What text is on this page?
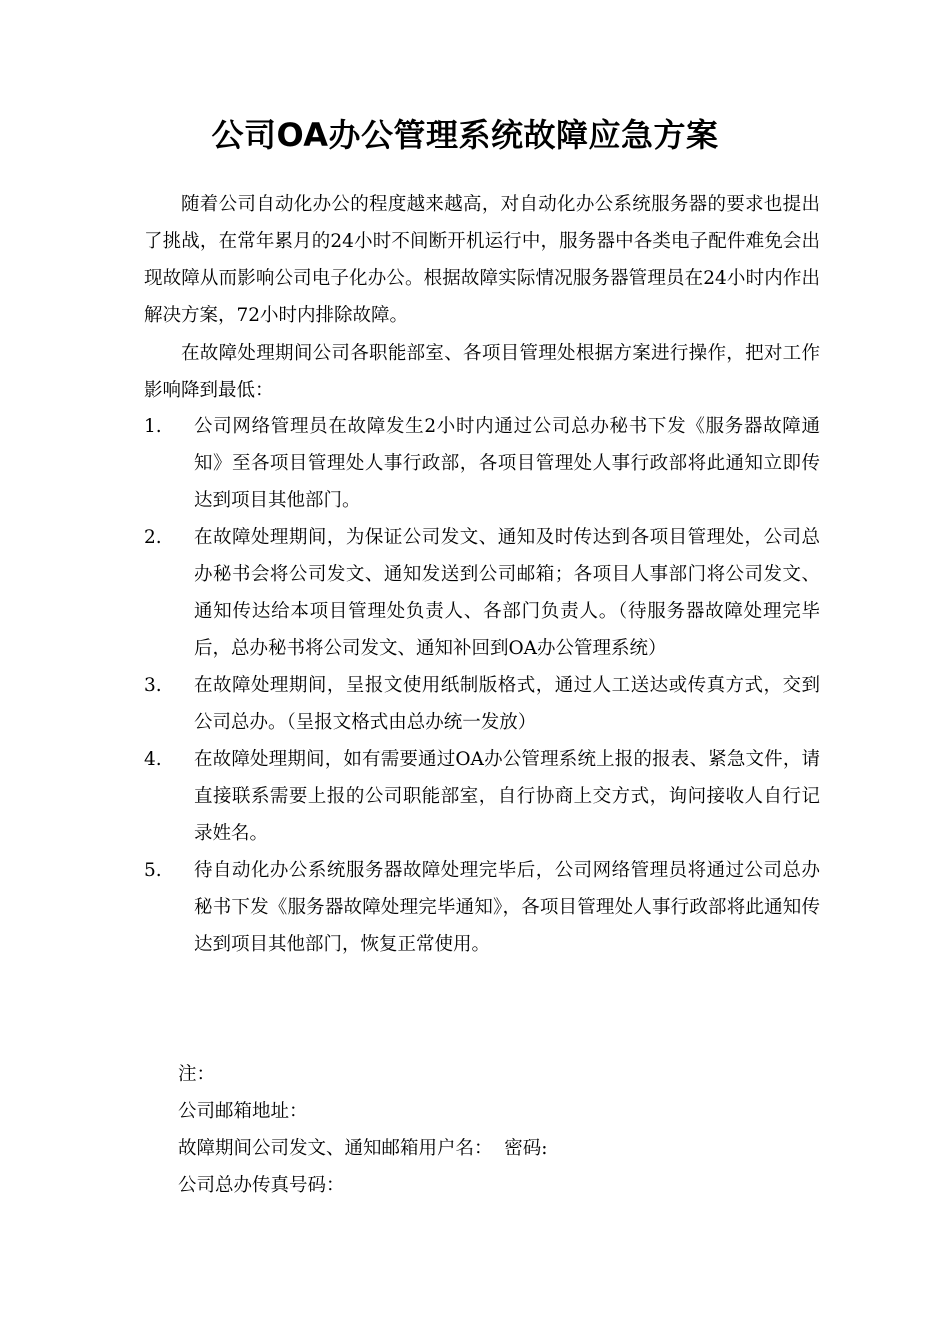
公司OA办公管理系统故障应急方案

随着公司自动化办公的程度越来越高，对自动化办公系统服务器的要求也提出了挑战，在常年累月的24小时不间断开机运行中，服务器中各类电子配件难免会出现故障从而影响公司电子化办公。根据故障实际情况服务器管理员在24小时内作出解决方案，72小时内排除故障。

在故障处理期间公司各职能部室、各项目管理处根据方案进行操作，把对工作影响降到最低：

1.	公司网络管理员在故障发生2小时内通过公司总办秘书下发《服务器故障通知》至各项目管理处人事行政部，各项目管理处人事行政部将此通知立即传达到项目其他部门。
2.	在故障处理期间，为保证公司发文、通知及时传达到各项目管理处，公司总办秘书会将公司发文、通知发送到公司邮箱；各项目人事部门将公司发文、通知传达给本项目管理处负责人、各部门负责人。（待服务器故障处理完毕后，总办秘书将公司发文、通知补回到OA办公管理系统）
3.	在故障处理期间，呈报文使用纸制版格式，通过人工送达或传真方式，交到公司总办。（呈报文格式由总办统一发放）
4.	在故障处理期间，如有需要通过OA办公管理系统上报的报表、紧急文件，请直接联系需要上报的公司职能部室，自行协商上交方式，询问接收人自行记录姓名。
5.	待自动化办公系统服务器故障处理完毕后，公司网络管理员将通过公司总办秘书下发《服务器故障处理完毕通知》，各项目管理处人事行政部将此通知传达到项目其他部门，恢复正常使用。
注：
公司邮箱地址：
故障期间公司发文、通知邮箱用户名： 密码:
公司总办传真号码：
